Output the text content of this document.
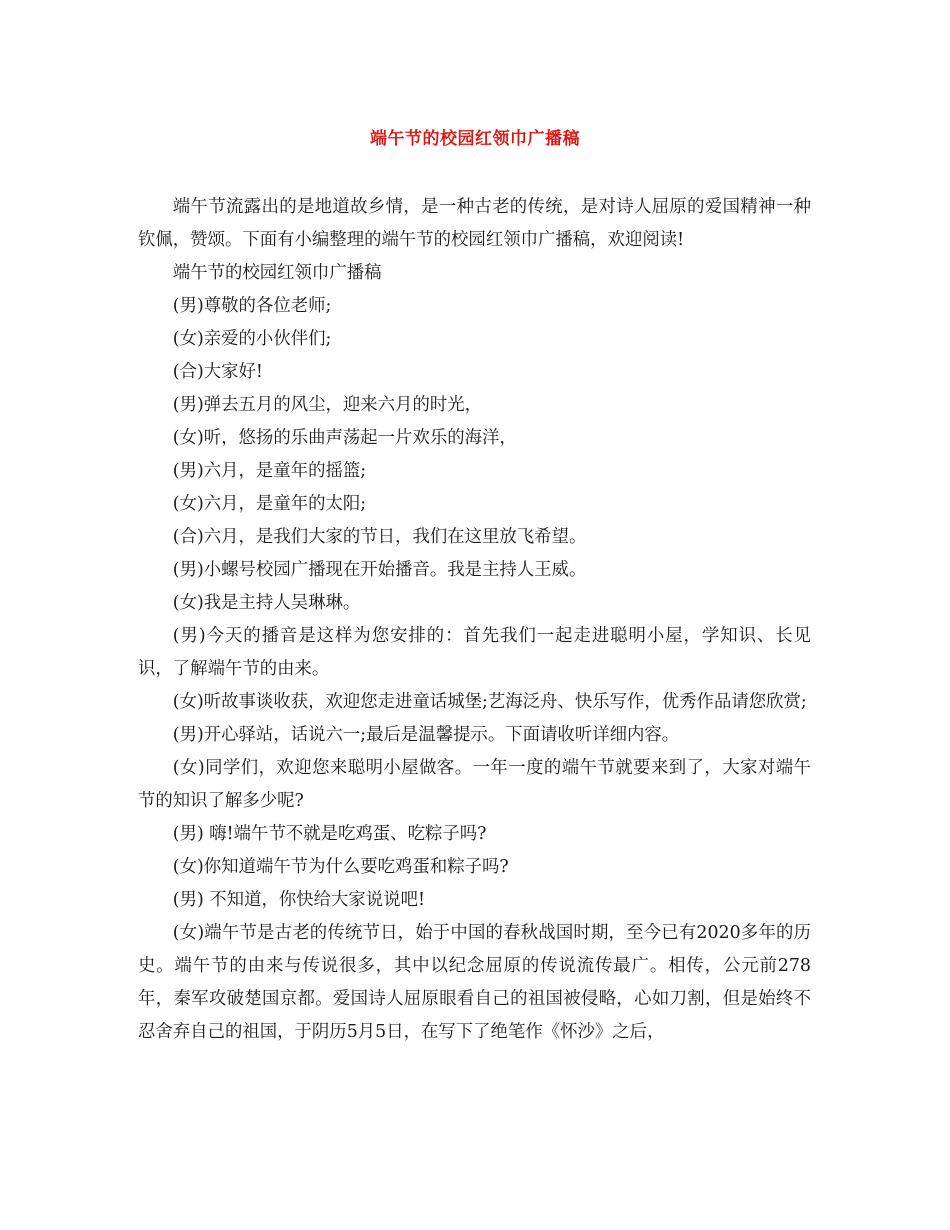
端午节的校园红领巾广播稿

端午节流露出的是地道故乡情，是一种古老的传统，是对诗人屈原的爱国精神一种钦佩，赞颂。下面有小编整理的端午节的校园红领巾广播稿，欢迎阅读!

端午节的校园红领巾广播稿

(男)尊敬的各位老师;

(女)亲爱的小伙伴们;

(合)大家好!

(男)弹去五月的风尘，迎来六月的时光，

(女)听，悠扬的乐曲声荡起一片欢乐的海洋，

(男)六月，是童年的摇篮;

(女)六月，是童年的太阳;

(合)六月，是我们大家的节日，我们在这里放飞希望。

(男)小螺号校园广播现在开始播音。我是主持人王威。

(女)我是主持人吴琳琳。

(男)今天的播音是这样为您安排的：首先我们一起走进聪明小屋，学知识、长见识，了解端午节的由来。

(女)听故事谈收获，欢迎您走进童话城堡;艺海泛舟、快乐写作，优秀作品请您欣赏;

(男)开心驿站，话说六一;最后是温馨提示。下面请收听详细内容。

(女)同学们，欢迎您来聪明小屋做客。一年一度的端午节就要来到了，大家对端午节的知识了解多少呢?

(男) 嗨!端午节不就是吃鸡蛋、吃粽子吗?

(女)你知道端午节为什么要吃鸡蛋和粽子吗?

(男) 不知道，你快给大家说说吧!

(女)端午节是古老的传统节日，始于中国的春秋战国时期，至今已有2020多年的历史。端午节的由来与传说很多，其中以纪念屈原的传说流传最广。相传，公元前278年，秦军攻破楚国京都。爱国诗人屈原眼看自己的祖国被侵略，心如刀割，但是始终不忍舍弃自己的祖国，于阴历5月5日，在写下了绝笔作《怀沙》之后，
